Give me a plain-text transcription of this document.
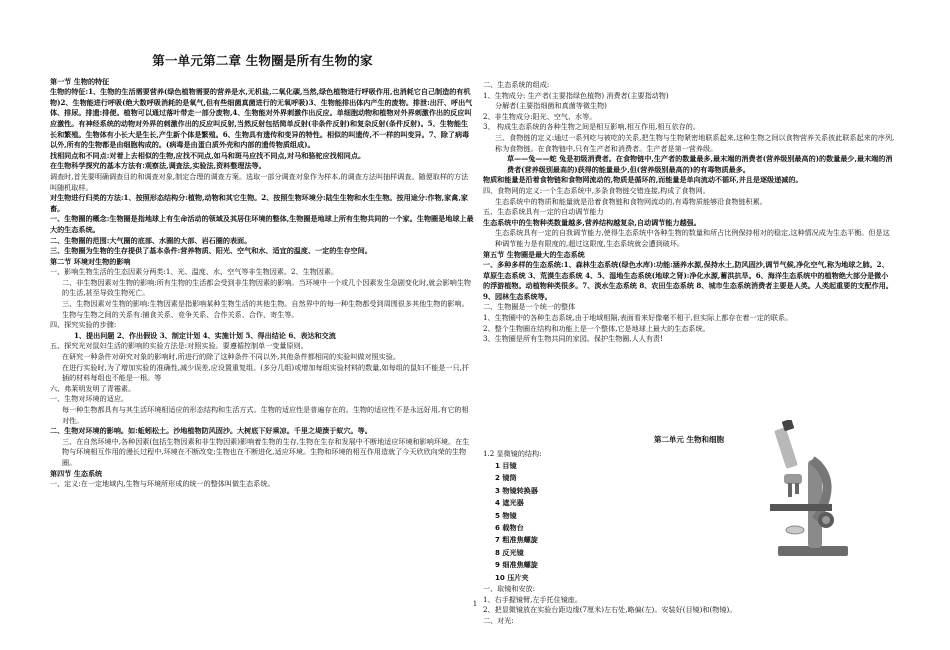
第一单元第二章 生物圈是所有生物的家

第一节 生物的特征

生物的特征:1、生物的生活需要营养(绿色植物需要的营养是水,无机盐,二氧化碳,当然,绿色植物进行呼吸作用,也消耗它自己制造的有机物)2、生物能进行呼吸(绝大数呼吸消耗的是氧气,但有些细菌真菌进行的无氧呼吸)3、生物能排出体内产生的废物。排泄:出汗、呼出气体、排尿。排遗:排便。植物可以通过落叶带走一部分废物,4、生物能对外界刺激作出反应。单细胞动物和植物对外界刺激作出的反应叫应激性。有神经系统的动物对外界的刺激作出的反应叫反射,当然反射包括简单反射(非条件反射)和复杂反射(条件反射)。5、生物能生长和繁殖。生物体有小长大是生长,产生新个体是繁殖。6、生物具有遗传和变异的特性。相似的叫遗传,不一样的叫变异。7、除了病毒以外,所有的生物都是由细胞构成的。(病毒是由蛋白质外壳和内部的遗传物质组成)。

找相同点和不同点:对着上去相似的生物,应找不同点,如马和斑马应找不同点,对马和骆驼应找相同点。

在生物科学探究的基本方法有:观察法,调查法,实验法,资料整理法等。

调查时,首先要明确调查目的和调查对象,制定合理的调查方案。选取一部分调查对象作为样本,的调查方法叫抽样调查。随便取样的方法叫随机取样。

对生物进行归类的方法:1、按照形态结构分:植物,动物和其它生物。2、按照生物环境分:陆生生物和水生生物。按用途分:作物,家禽,家畜。

一、生物圈的概念:生物圈是指地球上有生命活动的领域及其居住环境的整体,生物圈是地球上所有生物共同的一个家。生物圈是地球上最大的生态系统。

二、生物圈的范围:大气圈的底部、水圈的大部、岩石圈的表面。

三、生物圈为生物的生存提供了基本条件:营养物质、阳光、空气和水、适宜的温度、一定的生存空间。

第二节 环境对生物的影响

一、影响生物生活的生态因素分两类:1、光、温度、水、空气等非生物因素。2、生物因素。

二、非生物因素对生物的影响:所有生物的生活都会受到非生物因素的影响。当环境中一个或几个因素发生急剧变化时,就会影响生物的生活,甚至导致生物死亡。

三、生物因素对生物的影响:生物因素是指影响某种生物生活的其他生物。自然界中的每一种生物都受到周围很多其他生物的影响。生物与生物之间的关系有:捕食关系、竞争关系、合作关系、合作、寄生等。

四、探究实验的步骤:

1、提出问题 2、作出假设 3、制定计划 4、实施计划 5、得出结论 6、表达和交流

五、探究光对鼠妇生活的影响的实验方法是:对照实验。要遵循控制单一变量原则。

在研究一种条件对研究对象的影响时,所进行的除了这种条件不同以外,其他条件都相同的实验叫做对照实验。

在进行实验时,为了增加实验的准确性,减少误差,应设置重复组。(多分几组)或增加每组实验材料的数量,如每组的鼠妇不能是一只,扦插的材料每组也不能是一根。等

六、弗莱明发明了青霉素。

一、生物对环境的适应。

每一种生物都具有与其生活环境相适应的形态结构和生活方式。生物的适应性是普遍存在的。生物的适应性不是永远好用,有它的相对性。

二、生物对环境的影响。如:蚯蚓松土。沙地植物防风固沙。大树底下好乘凉。千里之堤溃于蚁穴。等。

三、在自然环境中,各种因素(包括生物因素和非生物因素)影响着生物的生存,生物在生存和发展中不断地适应环境和影响环境。在生物与环境相互作用的漫长过程中,环境在不断改变;生物也在不断进化,适应环境。生物和环境的相互作用造就了今天欣欣向荣的生物圈。

第四节 生态系统

一、定义:在一定地域内,生物与环境所形成的统一的整体叫做生态系统。

二、生态系统的组成:

1、生物成分: 生产者(主要指绿色植物) 消费者(主要指动物)

分解者(主要指细菌和真菌等微生物)

2、非生物成分:阳光、空气、水等。

3、 构成生态系统的各种生物之间是相互影响,相互作用,相互依存的。

三、食物链的定义:通过一系列吃与被吃的关系,把生物与生物紧密地联系起来,这种生物之间以食物营养关系彼此联系起来的序列,称为食物链。在食物链中,只有生产者和消费者。生产者是第一营养级。

草——兔——蛇 兔是初级消费者。在食物链中,生产者的数量最多,最末端的消费者(营养级别最高的)的数量最少,最末端的消费者(营养级别最高的)获得的能量最少,但(营养级别最高的)的有毒物质最多。

物质和能量是沿着食物链和食物网流动的,物质是循环的,而能量是单向流动不循环,并且是逐级递减的。

四、食物网的定义:一个生态系统中,多条食物链交错连接,构成了食物网。

生态系统中的物质和能量就是沿着食物链和食物网流动的,有毒物质能够沿食物链积累。

五、生态系统具有一定的自动调节能力

生态系统中的生物种类数量越多,营养结构越复杂,自动调节能力越强。

生态系统具有一定的自我调节能力,使得生态系统中各种生物的数量和所占比例保持相对的稳定,这种情况成为生态平衡。但是这种调节能力是有限度的,超过这限度,生态系统就会遭到破坏。

第五节 生物圈是最大的生态系统

一、多种多样的生态系统:1、森林生态系统(绿色水库):功能:涵养水源,保持水土,防风固沙,调节气候,净化空气,称为地球之肺。2、草原生态系统 3、荒漠生态系统 4、5、湿地生态系统(地球之肾):净化水源,蓄洪抗旱。6、海洋生态系统中的植物绝大部分是微小的浮游植物。动植物种类很多。7、淡水生态系统 8、农田生态系统 8、城市生态系统消费者主要是人类。人类起重要的支配作用。9、园林生态系统等。

二、生物圈是一个统一的整体

1、生物圈中的各种生态系统,由于地域相隔,表面看来好像毫不相干,但实际上都存在着一定的联系。

2、整个生物圈在结构和功能上是一个整体,它是地球上最大的生态系统。

3、生物圈是所有生物共同的家园。保护生物圈,人人有责!

第二单元 生物和细胞

1.2 显微镜的结构:

1 目镜
2 镜筒
3 物镜转换器
4 遮光器
5 物镜
6 载物台
7 粗准焦螺旋
8 反光镜
9 细准焦螺旋
10 压片夹

一、取镜和安放:

1、右手握镜臂,左手托住镜座。

2、把显微镜放在实验台距边缘(7厘米)左右处,略偏(左)。安装好(目镜)和(物镜)。

二、对光:

1
